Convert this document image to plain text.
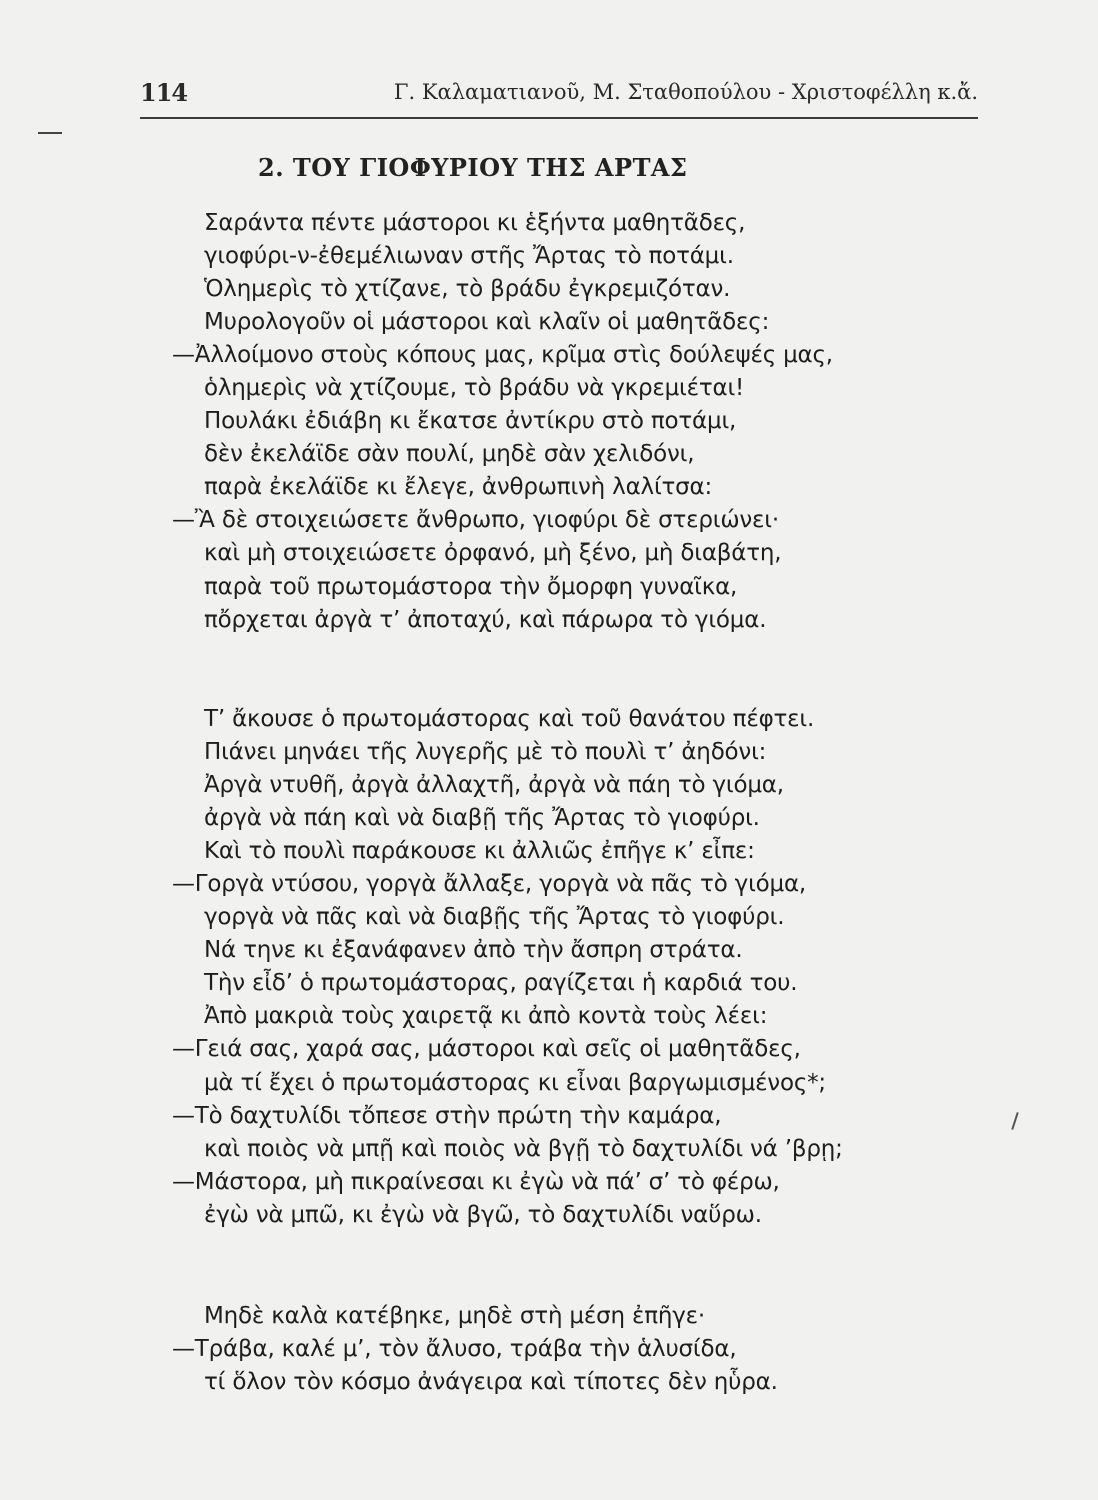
114	Γ. Καλαματιανοῦ, Μ. Σταθοπούλου - Χριστοφέλλη κ.ἄ.
2. ΤΟΥ ΓΙΟΦΥΡΙΟΥ ΤΗΣ ΑΡΤΑΣ
Σαράντα πέντε μάστοροι κι ἑξήντα μαθητᾶδες,
γιοφύρι-ν-ἐθεμέλιωναν στῆς Ἄρτας τὸ ποτάμι.
Ὁλημερὶς τὸ χτίζανε, τὸ βράδυ ἐγκρεμιζόταν.
Μυρολογοῦν οἱ μάστοροι καὶ κλαῖν οἱ μαθητᾶδες:
—Ἀλλοίμονο στοὺς κόπους μας, κρῖμα στὶς δούλεψές μας,
ὁλημερὶς νὰ χτίζουμε, τὸ βράδυ νὰ γκρεμιέται!
Πουλάκι ἐδιάβη κι ἔκατσε ἀντίκρυ στὸ ποτάμι,
δὲν ἐκελάϊδε σὰν πουλί, μηδὲ σὰν χελιδόνι,
παρὰ ἐκελάϊδε κι ἔλεγε, ἀνθρωπινὴ λαλίτσα:
—Ἂ δὲ στοιχειώσετε ἄνθρωπο, γιοφύρι δὲ στεριώνει·
καὶ μὴ στοιχειώσετε ὀρφανό, μὴ ξένο, μὴ διαβάτη,
παρὰ τοῦ πρωτομάστορα τὴν ὄμορφη γυναῖκα,
πὄρχεται ἀργὰ τ’ ἀποταχύ, καὶ πάρωρα τὸ γιόμα.
Τ’ ἄκουσε ὁ πρωτομάστορας καὶ τοῦ θανάτου πέφτει.
Πιάνει μηνάει τῆς λυγερῆς μὲ τὸ πουλὶ τ’ ἀηδόνι:
Ἀργὰ ντυθῆ, ἀργὰ ἀλλαχτῆ, ἀργὰ νὰ πάη τὸ γιόμα,
ἀργὰ νὰ πάη καὶ νὰ διαβῇ τῆς Ἄρτας τὸ γιοφύρι.
Καὶ τὸ πουλὶ παράκουσε κι ἀλλιῶς ἐπῆγε κ’ εἶπε:
—Γοργὰ ντύσου, γοργὰ ἄλλαξε, γοργὰ νὰ πᾶς τὸ γιόμα,
γοργὰ νὰ πᾶς καὶ νὰ διαβῇς τῆς Ἄρτας τὸ γιοφύρι.
Νά τηνε κι ἐξανάφανεν ἀπὸ τὴν ἄσπρη στράτα.
Τὴν εἶδ’ ὁ πρωτομάστορας, ραγίζεται ἡ καρδιά του.
Ἀπὸ μακριὰ τοὺς χαιρετᾷ κι ἀπὸ κοντὰ τοὺς λέει:
—Γειά σας, χαρά σας, μάστοροι καὶ σεῖς οἱ μαθητᾶδες,
μὰ τί ἔχει ὁ πρωτομάστορας κι εἶναι βαργωμισμένος*;
—Τὸ δαχτυλίδι τὄπεσε στὴν πρώτη τὴν καμάρα,
καὶ ποιὸς νὰ μπῇ καὶ ποιὸς νὰ βγῇ τὸ δαχτυλίδι νά ’βρῃ;
—Μάστορα, μὴ πικραίνεσαι κι ἐγὼ νὰ πά’ σ’ τὸ φέρω,
ἐγὼ νὰ μπῶ, κι ἐγὼ νὰ βγῶ, τὸ δαχτυλίδι ναὕρω.
Μηδὲ καλὰ κατέβηκε, μηδὲ στὴ μέση ἐπῆγε·
—Τράβα, καλέ μ’, τὸν ἄλυσο, τράβα τὴν ἁλυσίδα,
τί ὅλον τὸν κόσμο ἀνάγειρα καὶ τίποτες δὲν ηὗρα.
